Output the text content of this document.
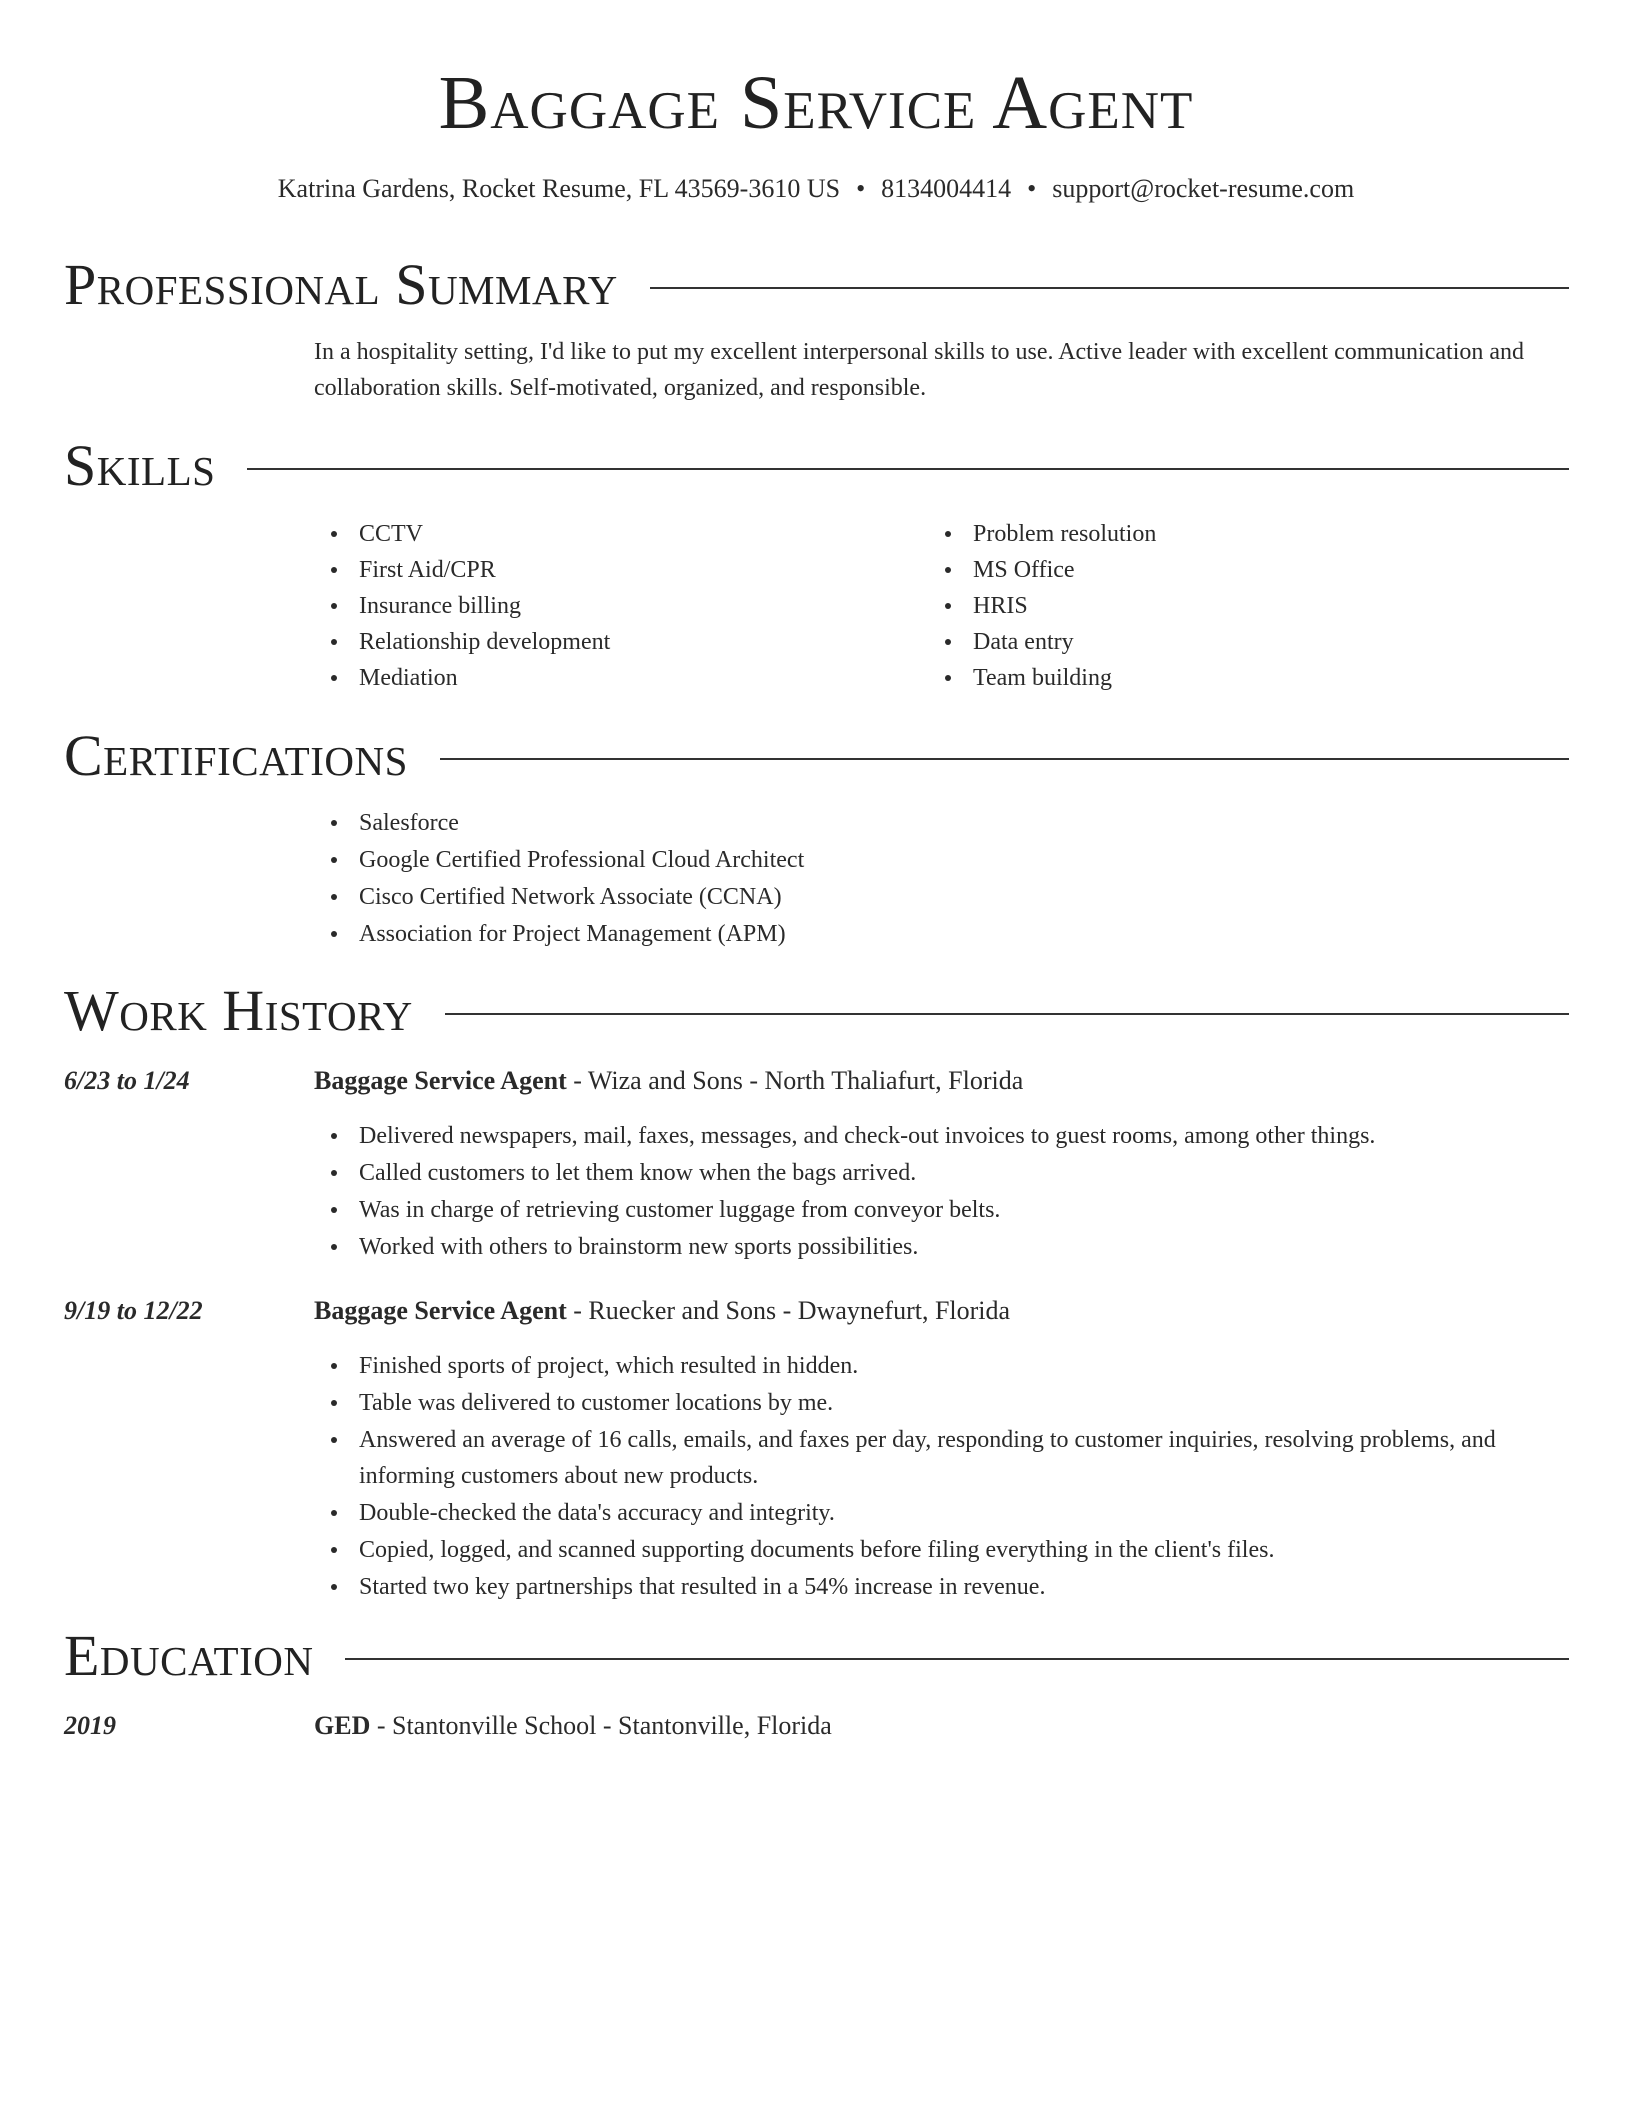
Baggage Service Agent
Katrina Gardens, Rocket Resume, FL 43569-3610 US • 8134004414 • support@rocket-resume.com
Professional Summary
In a hospitality setting, I'd like to put my excellent interpersonal skills to use. Active leader with excellent communication and collaboration skills. Self-motivated, organized, and responsible.
Skills
CCTV
First Aid/CPR
Insurance billing
Relationship development
Mediation
Problem resolution
MS Office
HRIS
Data entry
Team building
Certifications
Salesforce
Google Certified Professional Cloud Architect
Cisco Certified Network Associate (CCNA)
Association for Project Management (APM)
Work History
6/23 to 1/24	Baggage Service Agent - Wiza and Sons - North Thaliafurt, Florida
Delivered newspapers, mail, faxes, messages, and check-out invoices to guest rooms, among other things.
Called customers to let them know when the bags arrived.
Was in charge of retrieving customer luggage from conveyor belts.
Worked with others to brainstorm new sports possibilities.
9/19 to 12/22	Baggage Service Agent - Ruecker and Sons - Dwaynefurt, Florida
Finished sports of project, which resulted in hidden.
Table was delivered to customer locations by me.
Answered an average of 16 calls, emails, and faxes per day, responding to customer inquiries, resolving problems, and informing customers about new products.
Double-checked the data's accuracy and integrity.
Copied, logged, and scanned supporting documents before filing everything in the client's files.
Started two key partnerships that resulted in a 54% increase in revenue.
Education
2019	GED - Stantonville School - Stantonville, Florida
